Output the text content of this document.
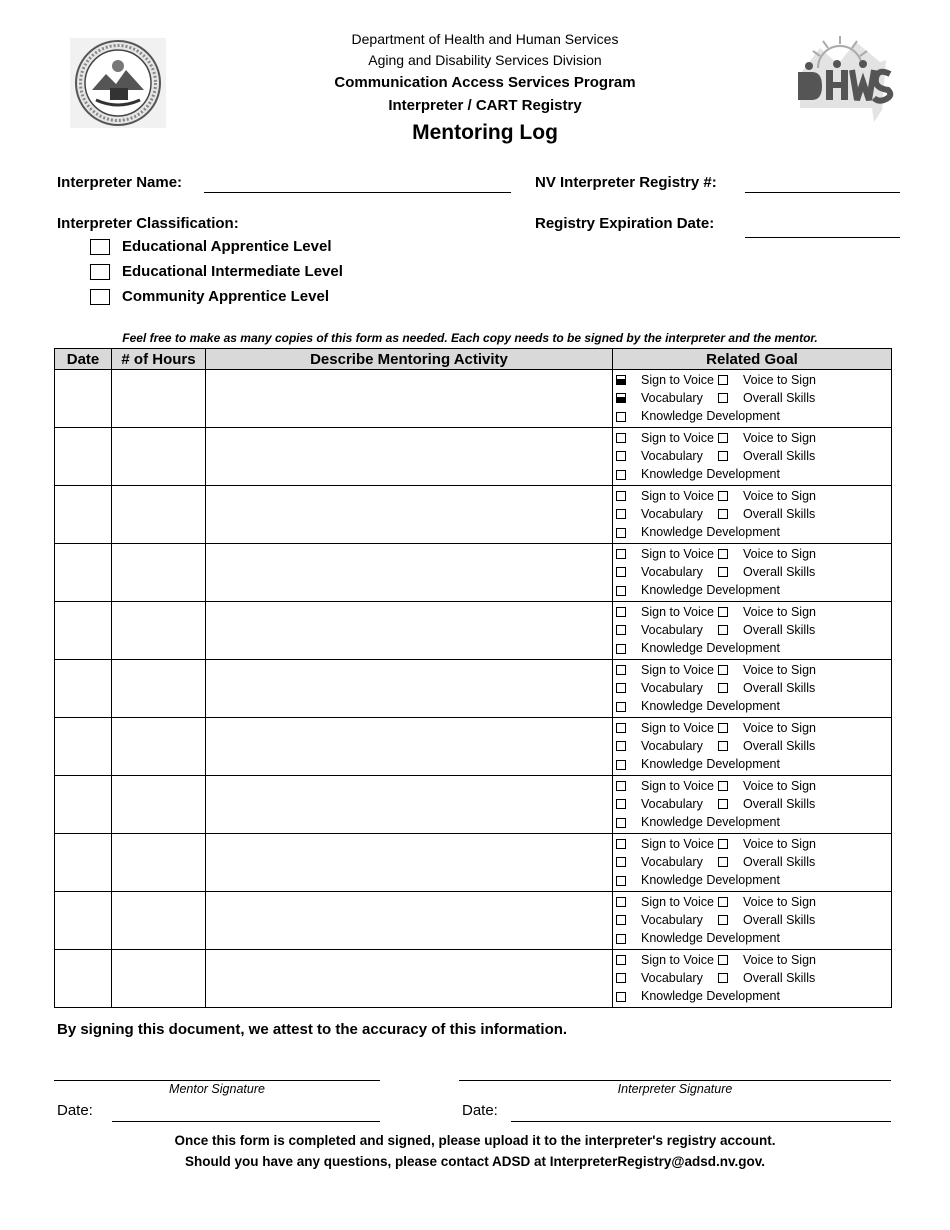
Department of Health and Human Services
Aging and Disability Services Division
Communication Access Services Program
Interpreter / CART Registry
Mentoring Log
Interpreter Name:	NV Interpreter Registry #:
Interpreter Classification:	Registry Expiration Date:
Educational Apprentice Level
Educational Intermediate Level
Community Apprentice Level
Feel free to make as many copies of this form as needed. Each copy needs to be signed by the interpreter and the mentor.
Date	# of Hours	Describe Mentoring Activity	Related Goal

			Sign to Voice Voice to Sign
Vocabulary Overall Skills
Knowledge Development

			Sign to Voice Voice to Sign
Vocabulary Overall Skills
Knowledge Development

			Sign to Voice Voice to Sign
Vocabulary Overall Skills
Knowledge Development

			Sign to Voice Voice to Sign
Vocabulary Overall Skills
Knowledge Development

			Sign to Voice Voice to Sign
Vocabulary Overall Skills
Knowledge Development

			Sign to Voice Voice to Sign
Vocabulary Overall Skills
Knowledge Development

			Sign to Voice Voice to Sign
Vocabulary Overall Skills
Knowledge Development

			Sign to Voice Voice to Sign
Vocabulary Overall Skills
Knowledge Development

			Sign to Voice Voice to Sign
Vocabulary Overall Skills
Knowledge Development

			Sign to Voice Voice to Sign
Vocabulary Overall Skills
Knowledge Development

			Sign to Voice Voice to Sign
Vocabulary Overall Skills
Knowledge Development
By signing this document, we attest to the accuracy of this information.
Mentor Signature
Date:
Interpreter Signature
Date:
Once this form is completed and signed, please upload it to the interpreter's registry account.
Should you have any questions, please contact ADSD at InterpreterRegistry@adsd.nv.gov.
